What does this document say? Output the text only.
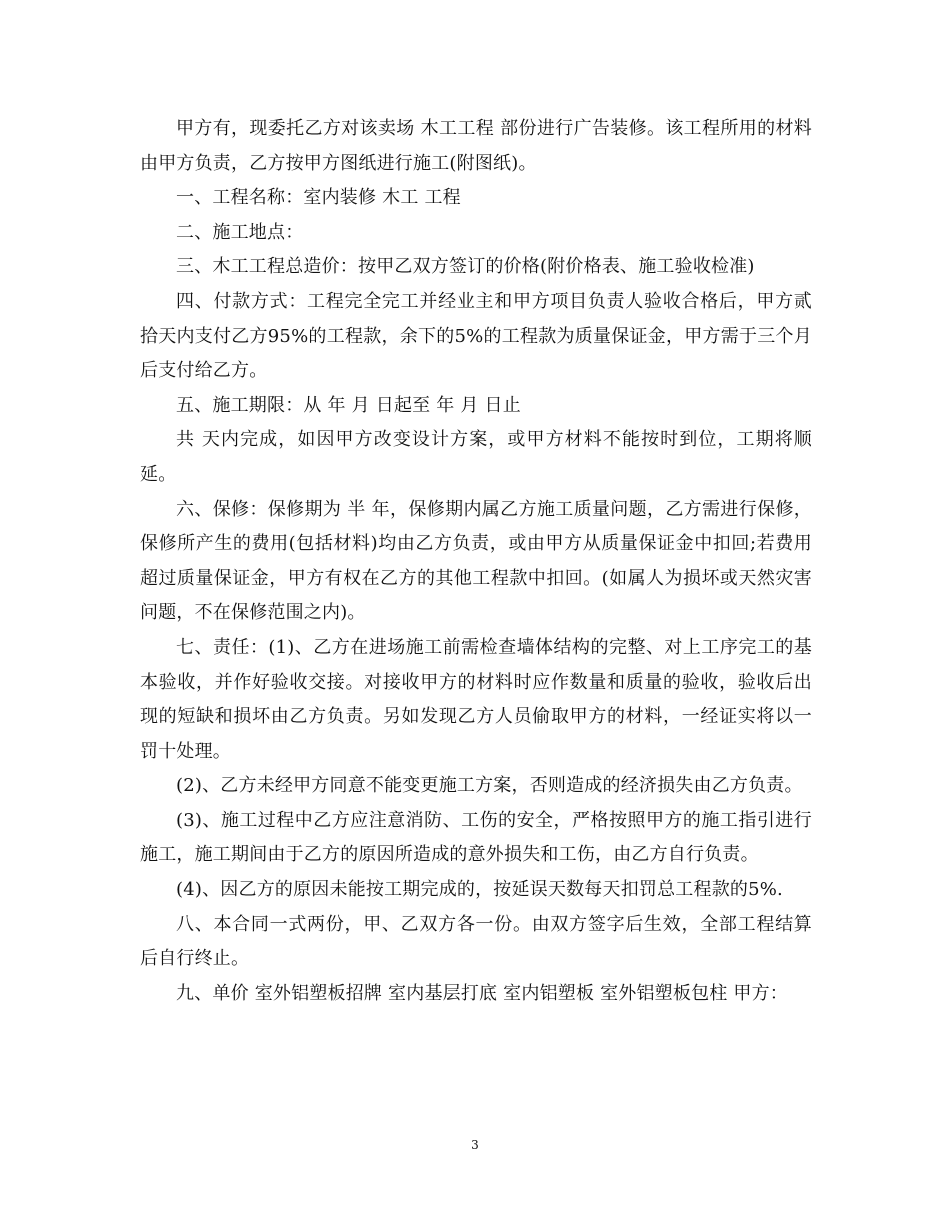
甲方有，现委托乙方对该卖场 木工工程 部份进行广告装修。该工程所用的材料由甲方负责，乙方按甲方图纸进行施工(附图纸)。

一、工程名称：室内装修 木工 工程

二、施工地点：

三、木工工程总造价：按甲乙双方签订的价格(附价格表、施工验收检准)

四、付款方式：工程完全完工并经业主和甲方项目负责人验收合格后，甲方贰拾天内支付乙方95%的工程款，余下的5%的工程款为质量保证金，甲方需于三个月后支付给乙方。

五、施工期限：从 年 月 日起至 年 月 日止

共 天内完成，如因甲方改变设计方案，或甲方材料不能按时到位，工期将顺延。

六、保修：保修期为 半 年，保修期内属乙方施工质量问题，乙方需进行保修，保修所产生的费用(包括材料)均由乙方负责，或由甲方从质量保证金中扣回;若费用超过质量保证金，甲方有权在乙方的其他工程款中扣回。(如属人为损坏或天然灾害问题，不在保修范围之内)。

七、责任：(1)、乙方在进场施工前需检查墙体结构的完整、对上工序完工的基本验收，并作好验收交接。对接收甲方的材料时应作数量和质量的验收，验收后出现的短缺和损坏由乙方负责。另如发现乙方人员偷取甲方的材料，一经证实将以一罚十处理。

(2)、乙方未经甲方同意不能变更施工方案，否则造成的经济损失由乙方负责。

(3)、施工过程中乙方应注意消防、工伤的安全，严格按照甲方的施工指引进行施工，施工期间由于乙方的原因所造成的意外损失和工伤，由乙方自行负责。

(4)、因乙方的原因未能按工期完成的，按延误天数每天扣罚总工程款的5%.

八、本合同一式两份，甲、乙双方各一份。由双方签字后生效，全部工程结算后自行终止。

九、单价 室外铝塑板招牌 室内基层打底 室内铝塑板 室外铝塑板包柱 甲方：

3
